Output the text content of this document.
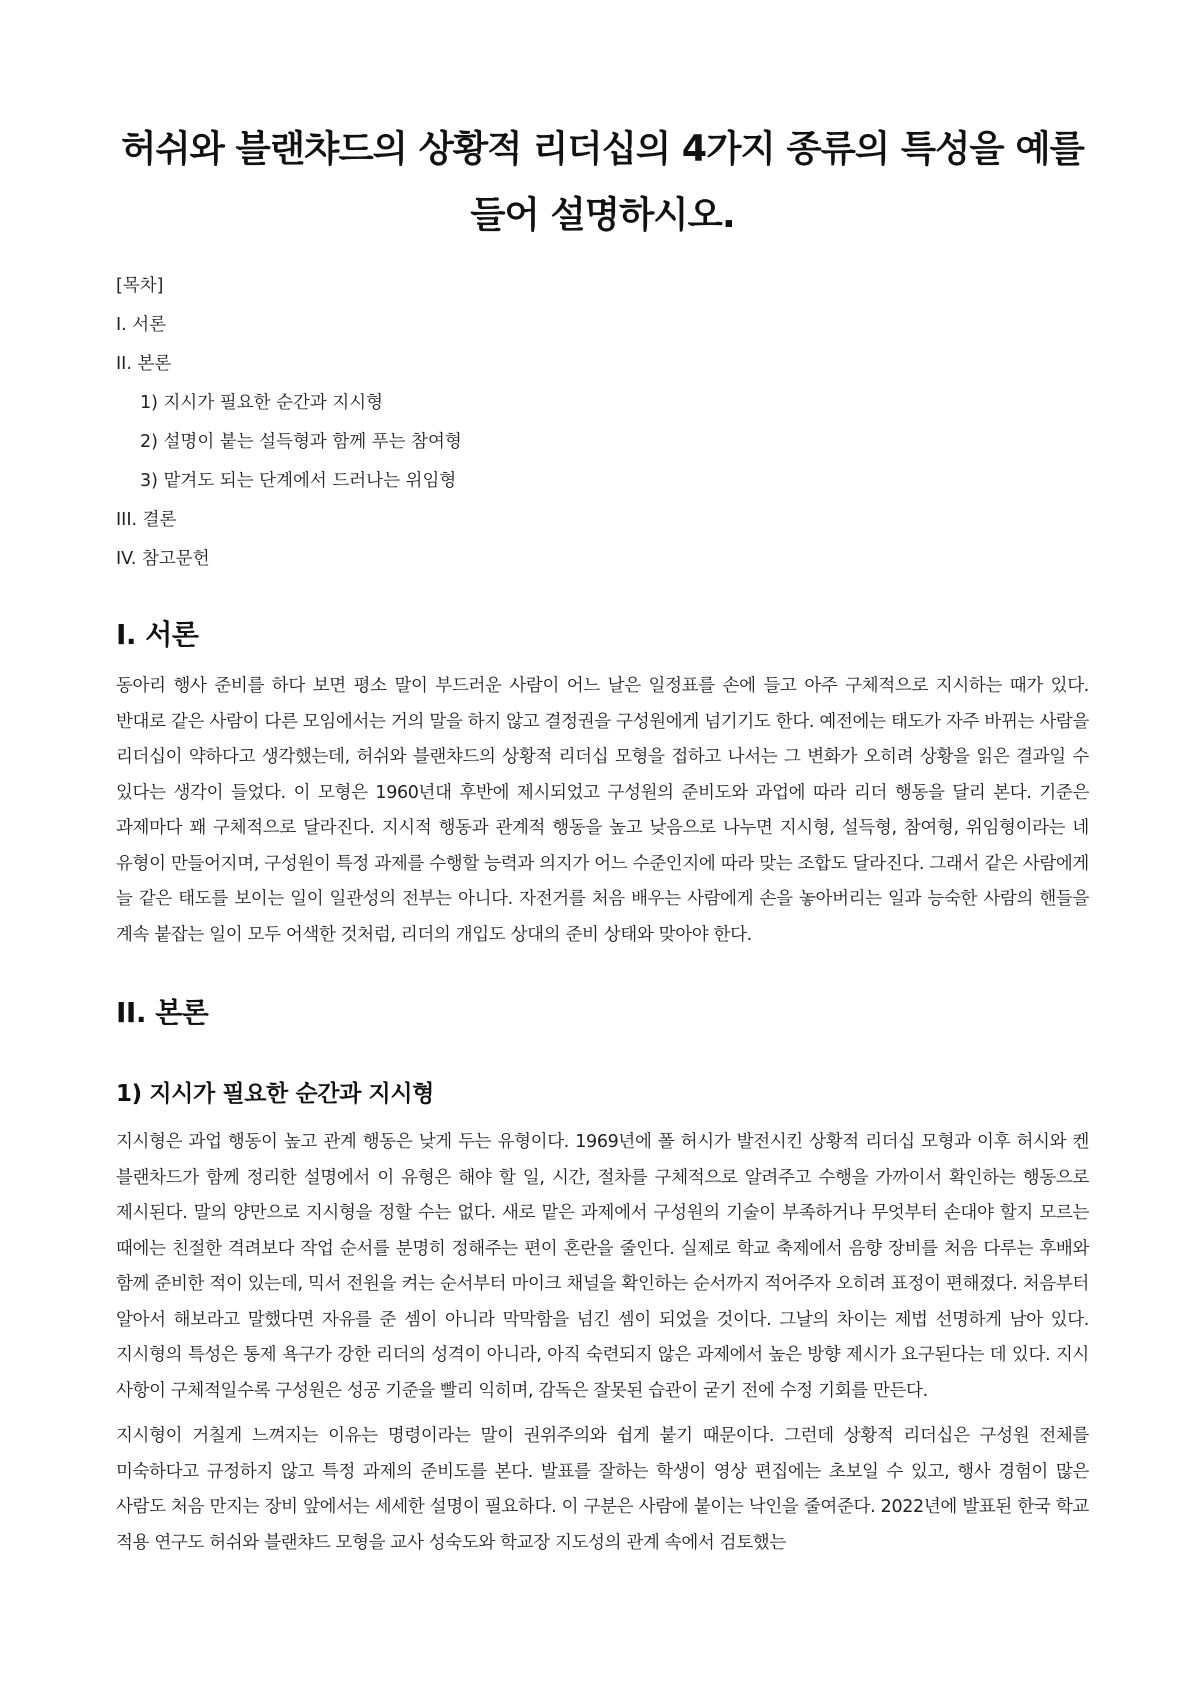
허쉬와 블랜챠드의 상황적 리더십의 4가지 종류의 특성을 예를 들어 설명하시오.
[목차]
I. 서론
II. 본론
1) 지시가 필요한 순간과 지시형
2) 설명이 붙는 설득형과 함께 푸는 참여형
3) 맡겨도 되는 단계에서 드러나는 위임형
III. 결론
IV. 참고문헌
I. 서론

동아리 행사 준비를 하다 보면 평소 말이 부드러운 사람이 어느 날은 일정표를 손에 들고 아주 구체적으로 지시하는 때가 있다. 반대로 같은 사람이 다른 모임에서는 거의 말을 하지 않고 결정권을 구성원에게 넘기기도 한다. 예전에는 태도가 자주 바뀌는 사람을 리더십이 약하다고 생각했는데, 허쉬와 블랜챠드의 상황적 리더십 모형을 접하고 나서는 그 변화가 오히려 상황을 읽은 결과일 수 있다는 생각이 들었다. 이 모형은 1960년대 후반에 제시되었고 구성원의 준비도와 과업에 따라 리더 행동을 달리 본다. 기준은 과제마다 꽤 구체적으로 달라진다. 지시적 행동과 관계적 행동을 높고 낮음으로 나누면 지시형, 설득형, 참여형, 위임형이라는 네 유형이 만들어지며, 구성원이 특정 과제를 수행할 능력과 의지가 어느 수준인지에 따라 맞는 조합도 달라진다. 그래서 같은 사람에게 늘 같은 태도를 보이는 일이 일관성의 전부는 아니다. 자전거를 처음 배우는 사람에게 손을 놓아버리는 일과 능숙한 사람의 핸들을 계속 붙잡는 일이 모두 어색한 것처럼, 리더의 개입도 상대의 준비 상태와 맞아야 한다.

II. 본론
1) 지시가 필요한 순간과 지시형

지시형은 과업 행동이 높고 관계 행동은 낮게 두는 유형이다. 1969년에 폴 허시가 발전시킨 상황적 리더십 모형과 이후 허시와 켄 블랜차드가 함께 정리한 설명에서 이 유형은 해야 할 일, 시간, 절차를 구체적으로 알려주고 수행을 가까이서 확인하는 행동으로 제시된다. 말의 양만으로 지시형을 정할 수는 없다. 새로 맡은 과제에서 구성원의 기술이 부족하거나 무엇부터 손대야 할지 모르는 때에는 친절한 격려보다 작업 순서를 분명히 정해주는 편이 혼란을 줄인다. 실제로 학교 축제에서 음향 장비를 처음 다루는 후배와 함께 준비한 적이 있는데, 믹서 전원을 켜는 순서부터 마이크 채널을 확인하는 순서까지 적어주자 오히려 표정이 편해졌다. 처음부터 알아서 해보라고 말했다면 자유를 준 셈이 아니라 막막함을 넘긴 셈이 되었을 것이다. 그날의 차이는 제법 선명하게 남아 있다. 지시형의 특성은 통제 욕구가 강한 리더의 성격이 아니라, 아직 숙련되지 않은 과제에서 높은 방향 제시가 요구된다는 데 있다. 지시 사항이 구체적일수록 구성원은 성공 기준을 빨리 익히며, 감독은 잘못된 습관이 굳기 전에 수정 기회를 만든다.

지시형이 거칠게 느껴지는 이유는 명령이라는 말이 권위주의와 쉽게 붙기 때문이다. 그런데 상황적 리더십은 구성원 전체를 미숙하다고 규정하지 않고 특정 과제의 준비도를 본다. 발표를 잘하는 학생이 영상 편집에는 초보일 수 있고, 행사 경험이 많은 사람도 처음 만지는 장비 앞에서는 세세한 설명이 필요하다. 이 구분은 사람에 붙이는 낙인을 줄여준다. 2022년에 발표된 한국 학교 적용 연구도 허쉬와 블랜챠드 모형을 교사 성숙도와 학교장 지도성의 관계 속에서 검토했는
